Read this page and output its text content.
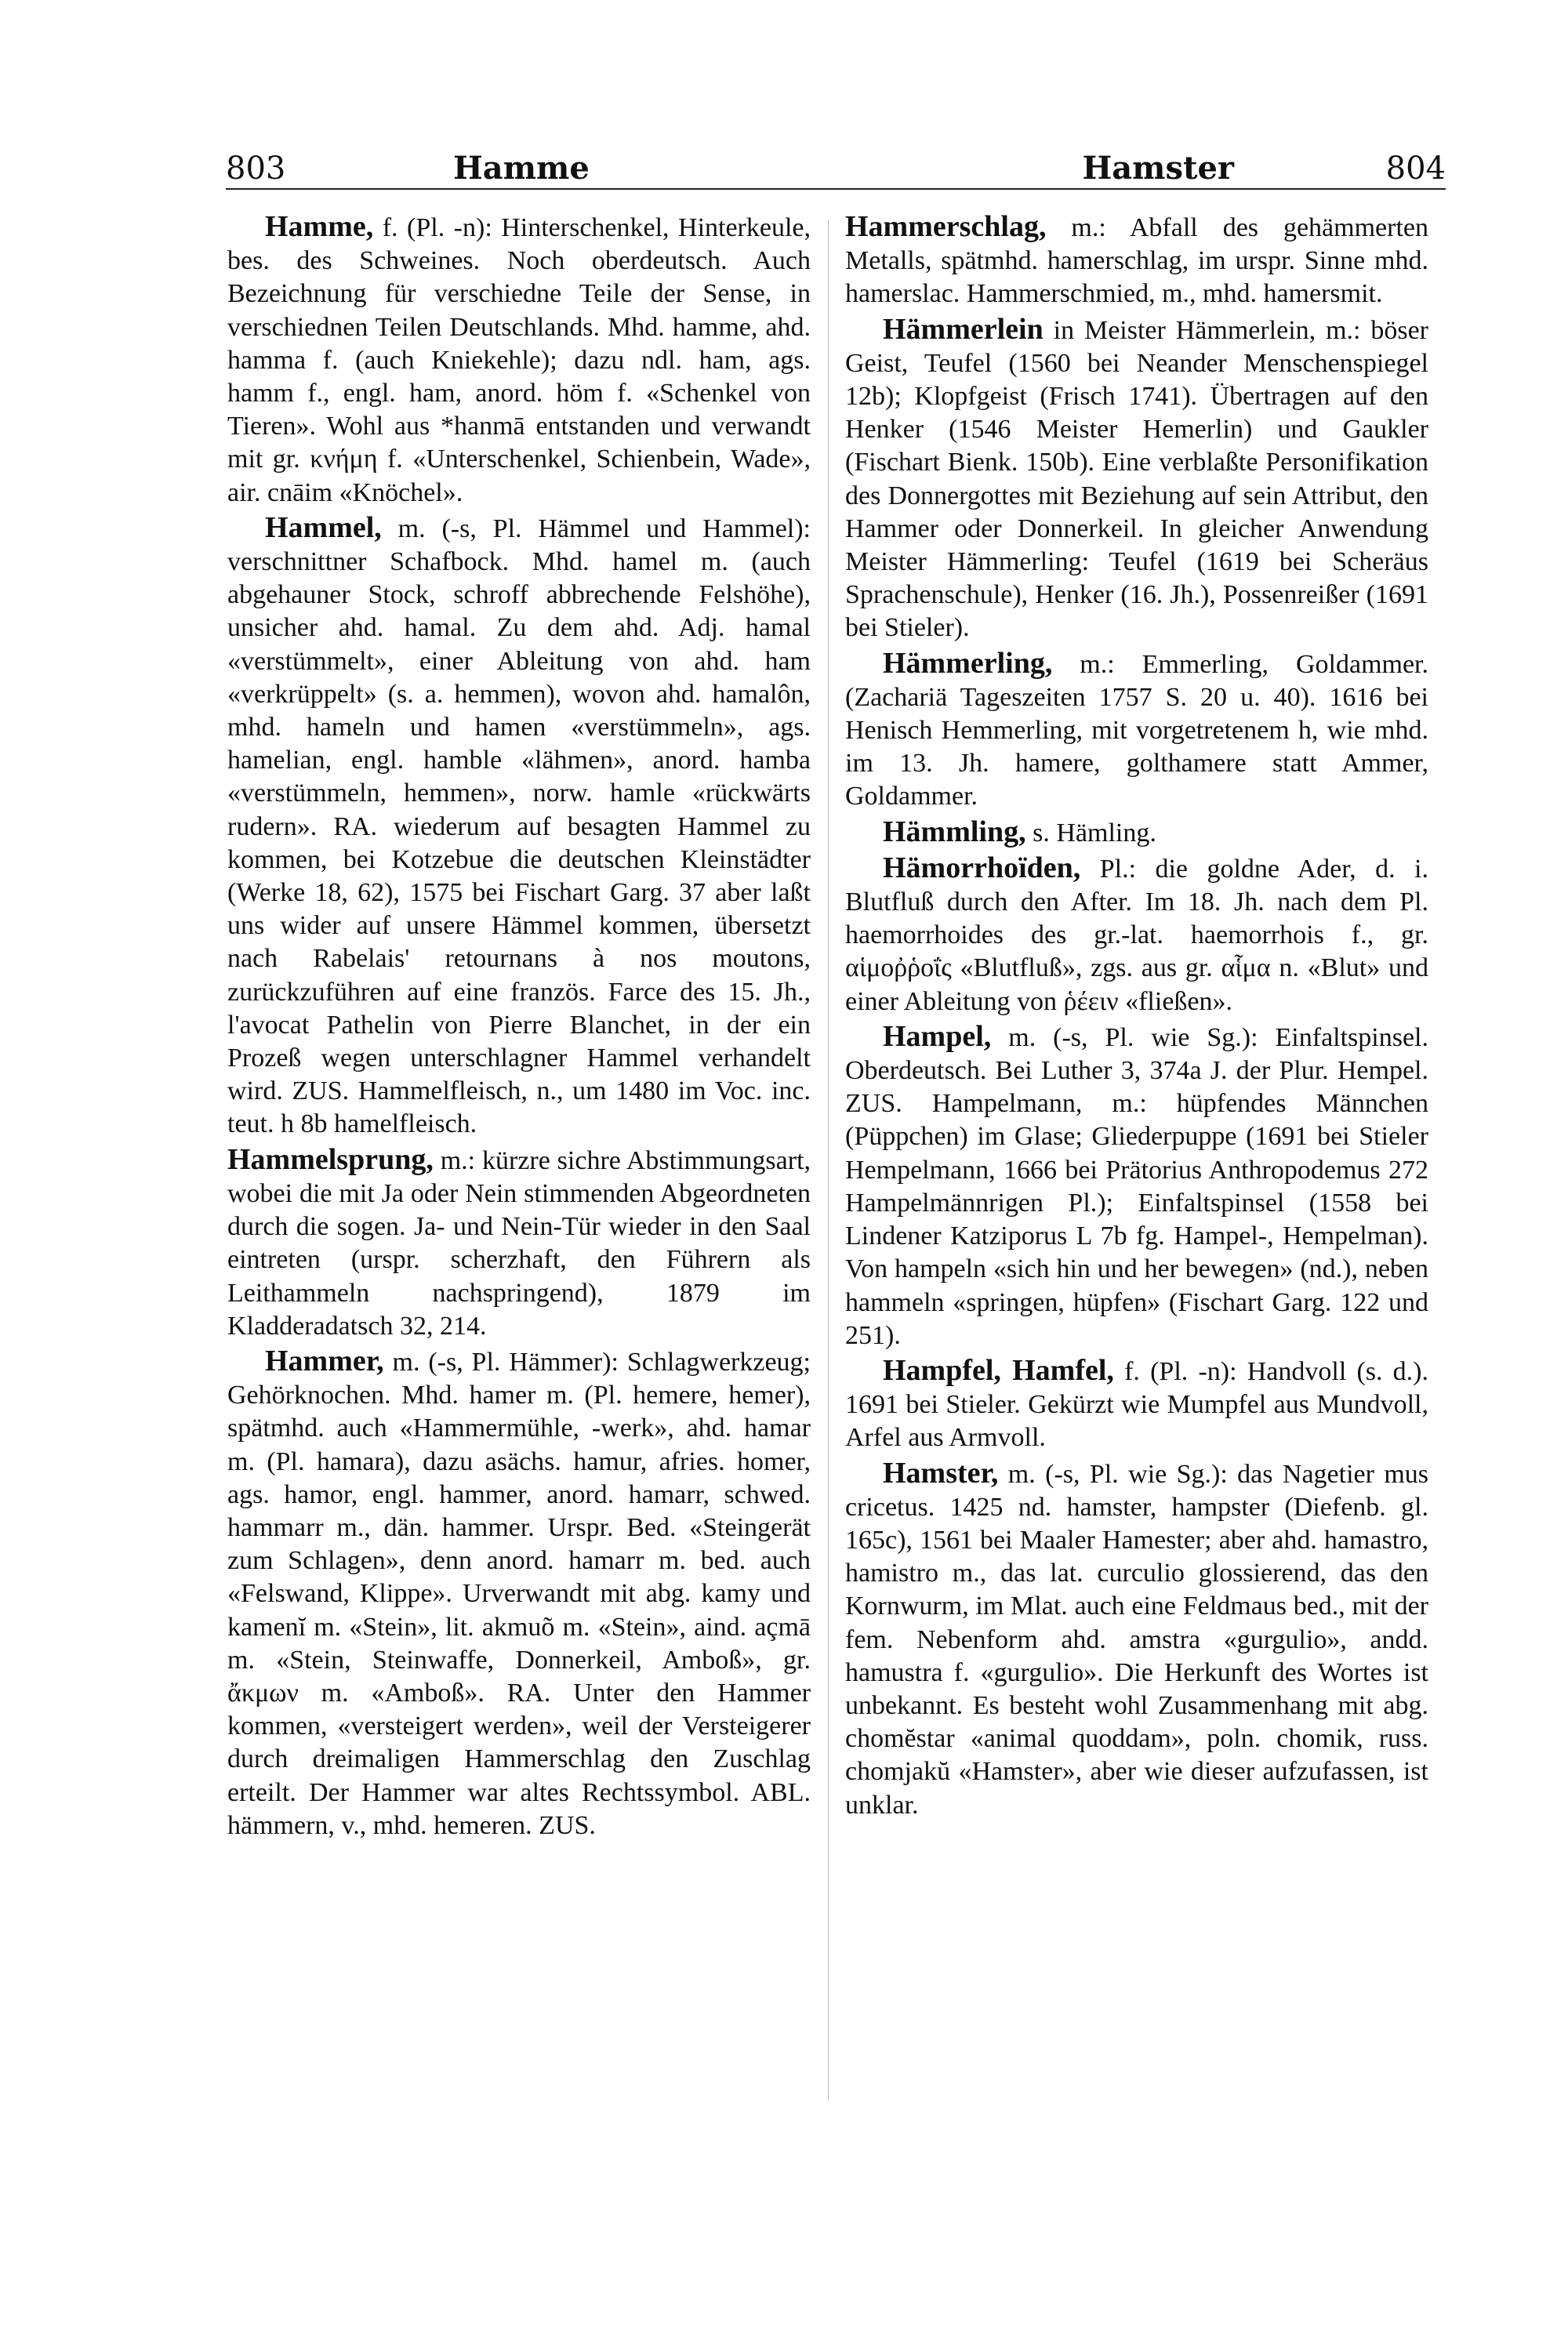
803	Hamme	Hamster	804

Hamme, f. (Pl. -n): Hinterschenkel, Hinterkeule, bes. des Schweines. Noch oberdeutsch. Auch Bezeichnung für verschiedne Teile der Sense, in verschiednen Teilen Deutschlands. Mhd. hamme, ahd. hamma f. (auch Kniekehle); dazu ndl. ham, ags. hamm f., engl. ham, anord. höm f. «Schenkel von Tieren». Wohl aus *hanmā entstanden und verwandt mit gr. κνήμη f. «Unterschenkel, Schienbein, Wade», air. cnāim «Knöchel».

Hammel, m. (-s, Pl. Hämmel und Hammel): verschnittner Schafbock. Mhd. hamel m. (auch abgehauner Stock, schroff abbrechende Felshöhe), unsicher ahd. hamal. Zu dem ahd. Adj. hamal «verstümmelt», einer Ableitung von ahd. ham «verkrüppelt» (s. a. hemmen), wovon ahd. hamalôn, mhd. hameln und hamen «verstümmeln», ags. hamelian, engl. hamble «lähmen», anord. hamba «verstümmeln, hemmen», norw. hamle «rückwärts rudern». RA. wiederum auf besagten Hammel zu kommen, bei Kotzebue die deutschen Kleinstädter (Werke 18, 62), 1575 bei Fischart Garg. 37 aber laßt uns wider auf unsere Hämmel kommen, übersetzt nach Rabelais' retournans à nos moutons, zurückzuführen auf eine französ. Farce des 15. Jh., l'avocat Pathelin von Pierre Blanchet, in der ein Prozeß wegen unterschlagner Hammel verhandelt wird. ZUS. Hammelfleisch, n., um 1480 im Voc. inc. teut. h 8b hamelfleisch.

Hammelsprung, m.: kürzre sichre Abstimmungsart, wobei die mit Ja oder Nein stimmenden Abgeordneten durch die sogen. Ja- und Nein-Tür wieder in den Saal eintreten (urspr. scherzhaft, den Führern als Leithammeln nachspringend), 1879 im Kladderadatsch 32, 214.

Hammer, m. (-s, Pl. Hämmer): Schlagwerkzeug; Gehörknochen. Mhd. hamer m. (Pl. hemere, hemer), spätmhd. auch «Hammermühle, -werk», ahd. hamar m. (Pl. hamara), dazu asächs. hamur, afries. homer, ags. hamor, engl. hammer, anord. hamarr, schwed. hammarr m., dän. hammer. Urspr. Bed. «Steingerät zum Schlagen», denn anord. hamarr m. bed. auch «Felswand, Klippe». Urverwandt mit abg. kamy und kamenĭ m. «Stein», lit. akmuõ m. «Stein», aind. açmā m. «Stein, Steinwaffe, Donnerkeil, Amboß», gr. ἄκμων m. «Amboß». RA. Unter den Hammer kommen, «versteigert werden», weil der Versteigerer durch dreimaligen Hammerschlag den Zuschlag erteilt. Der Hammer war altes Rechtssymbol. ABL. hämmern, v., mhd. hemeren. ZUS.

Hammerschlag, m.: Abfall des gehämmerten Metalls, spätmhd. hamerschlag, im urspr. Sinne mhd. hamerslac. Hammerschmied, m., mhd. hamersmit.

Hämmerlein in Meister Hämmerlein, m.: böser Geist, Teufel (1560 bei Neander Menschenspiegel 12b); Klopfgeist (Frisch 1741). Übertragen auf den Henker (1546 Meister Hemerlin) und Gaukler (Fischart Bienk. 150b). Eine verblaßte Personifikation des Donnergottes mit Beziehung auf sein Attribut, den Hammer oder Donnerkeil. In gleicher Anwendung Meister Hämmerling: Teufel (1619 bei Scheräus Sprachenschule), Henker (16. Jh.), Possenreißer (1691 bei Stieler).

Hämmerling, m.: Emmerling, Goldammer. (Zachariä Tageszeiten 1757 S. 20 u. 40). 1616 bei Henisch Hemmerling, mit vorgetretenem h, wie mhd. im 13. Jh. hamere, golthamere statt Ammer, Goldammer.

Hämmling, s. Hämling.

Hämorrhoïden, Pl.: die goldne Ader, d. i. Blutfluß durch den After. Im 18. Jh. nach dem Pl. haemorrhoides des gr.-lat. haemorrhois f., gr. αἱμοῤῥοΐς «Blutfluß», zgs. aus gr. αἷμα n. «Blut» und einer Ableitung von ῥέειν «fließen».

Hampel, m. (-s, Pl. wie Sg.): Einfaltspinsel. Oberdeutsch. Bei Luther 3, 374a J. der Plur. Hempel. ZUS. Hampelmann, m.: hüpfendes Männchen (Püppchen) im Glase; Gliederpuppe (1691 bei Stieler Hempelmann, 1666 bei Prätorius Anthropodemus 272 Hampelmännrigen Pl.); Einfaltspinsel (1558 bei Lindener Katziporus L 7b fg. Hampel-, Hempelman). Von hampeln «sich hin und her bewegen» (nd.), neben hammeln «springen, hüpfen» (Fischart Garg. 122 und 251).

Hampfel, Hamfel, f. (Pl. -n): Handvoll (s. d.). 1691 bei Stieler. Gekürzt wie Mumpfel aus Mundvoll, Arfel aus Armvoll.

Hamster, m. (-s, Pl. wie Sg.): das Nagetier mus cricetus. 1425 nd. hamster, hampster (Diefenb. gl. 165c), 1561 bei Maaler Hamester; aber ahd. hamastro, hamistro m., das lat. curculio glossierend, das den Kornwurm, im Mlat. auch eine Feldmaus bed., mit der fem. Nebenform ahd. amstra «gurgulio», andd. hamustra f. «gurgulio». Die Herkunft des Wortes ist unbekannt. Es besteht wohl Zusammenhang mit abg. chomĕstar «animal quoddam», poln. chomik, russ. chomjakŭ «Hamster», aber wie dieser aufzufassen, ist unklar.
